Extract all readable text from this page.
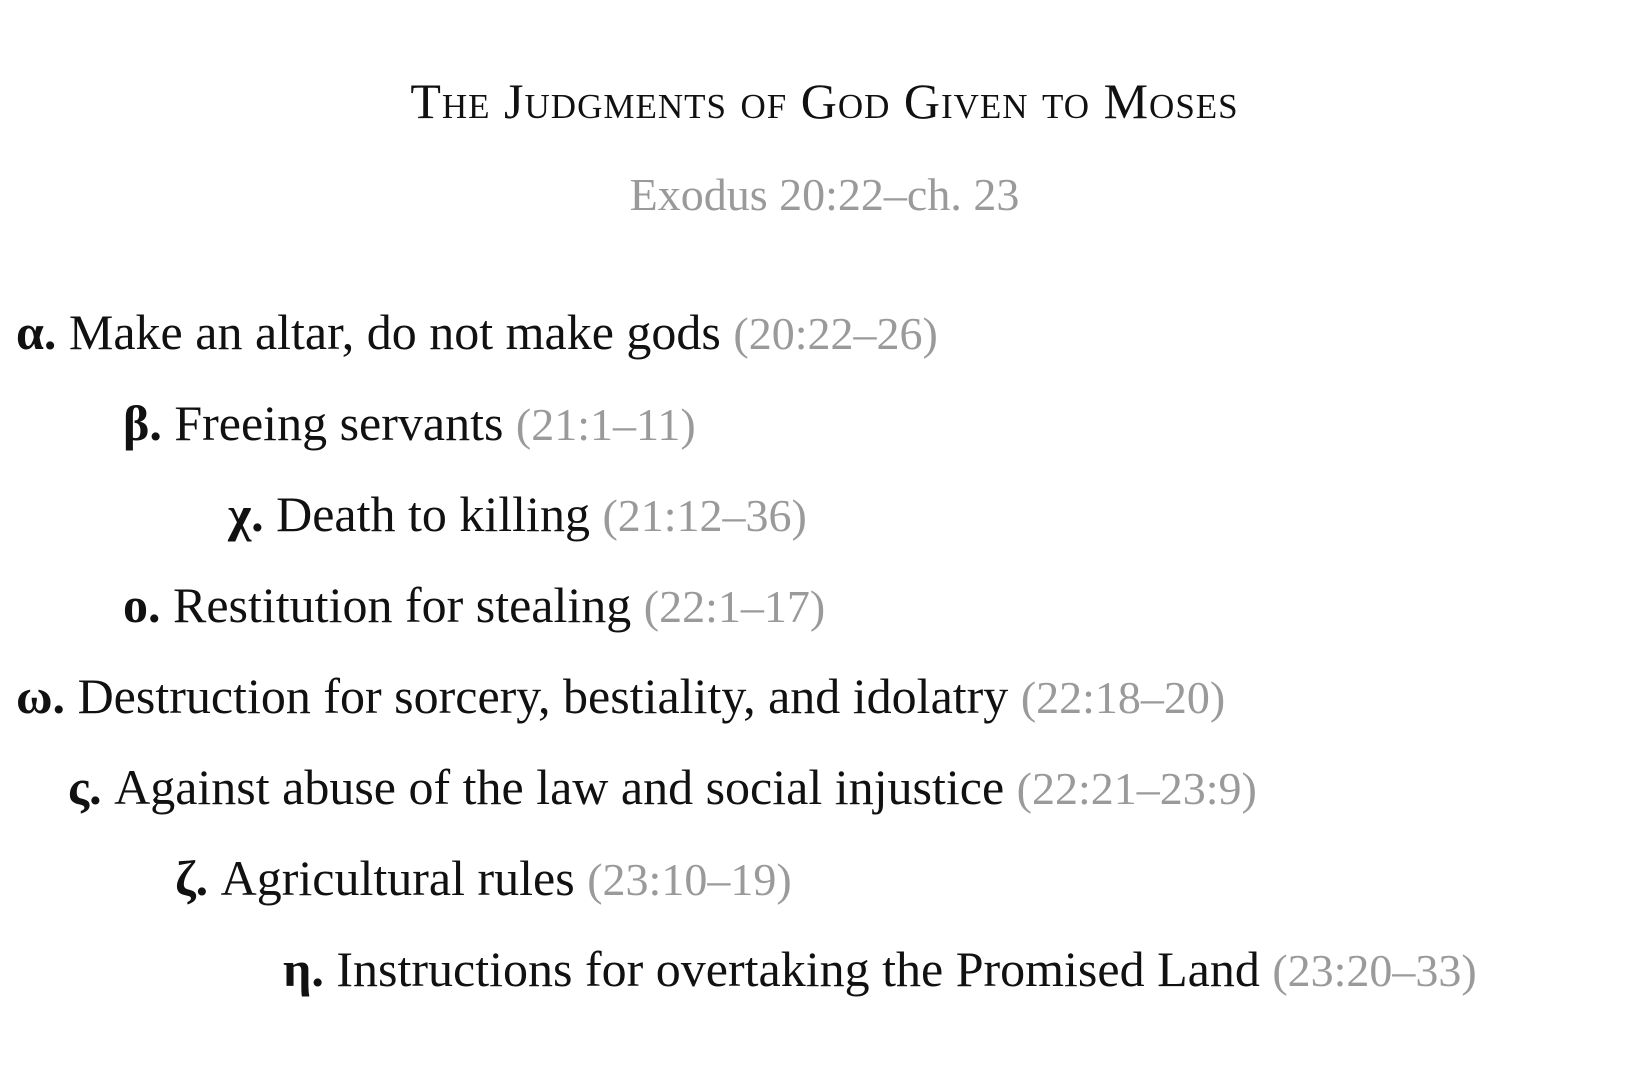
The Judgments of God Given to Moses
Exodus 20:22–ch. 23
α. Make an altar, do not make gods (20:22–26)
β. Freeing servants (21:1–11)
χ. Death to killing (21:12–36)
ο. Restitution for stealing (22:1–17)
ω. Destruction for sorcery, bestiality, and idolatry (22:18–20)
ς. Against abuse of the law and social injustice (22:21–23:9)
ζ. Agricultural rules (23:10–19)
η. Instructions for overtaking the Promised Land (23:20–33)
